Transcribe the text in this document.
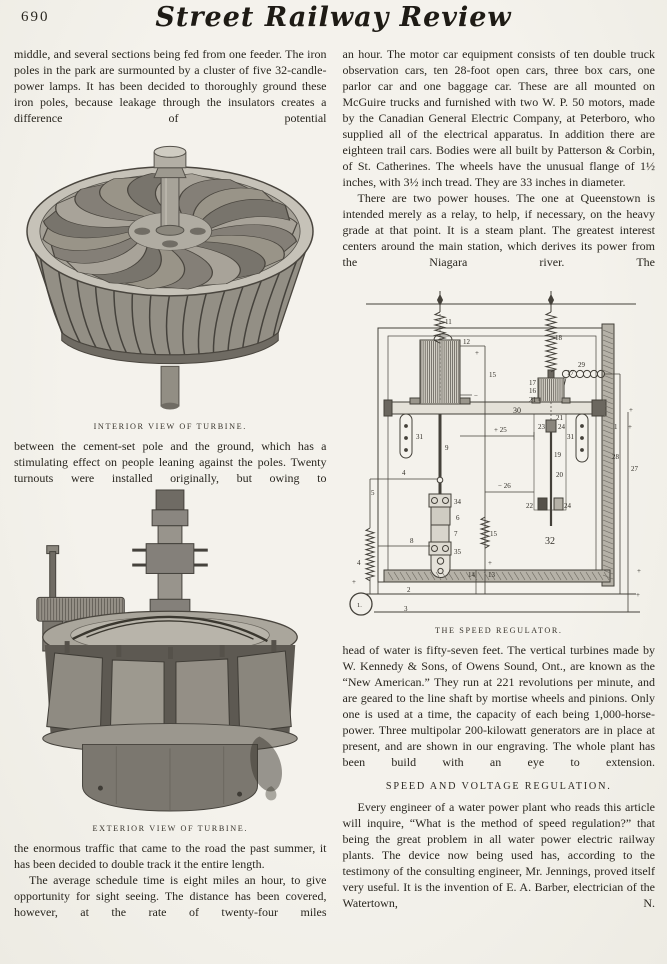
690	Street Railway Review

middle, and several sections being fed from one feeder. The iron poles in the park are surmounted by a cluster of five 32-candle-power lamps. It has been decided to thoroughly ground these iron poles, because leakage through the insulators creates a difference of potential

INTERIOR VIEW OF TURBINE.

between the cement-set pole and the ground, which has a stimulating effect on people leaning against the poles. Twenty turnouts were installed originally, but owing to

EXTERIOR VIEW OF TURBINE.

the enormous traffic that came to the road the past summer, it has been decided to double track it the entire length.

The average schedule time is eight miles an hour, to give opportunity for sight seeing. The distance has been covered, however, at the rate of twenty-four miles

an hour. The motor car equipment consists of ten double truck observation cars, ten 28-foot open cars, three box cars, one parlor car and one baggage car. These are all mounted on McGuire trucks and furnished with two W. P. 50 motors, made by the Canadian General Electric Company, at Peterboro, who supplied all of the electrical apparatus. In addition there are eighteen trail cars. Bodies were all built by Patterson & Corbin, of St. Catherines. The wheels have the unusual flange of 1½ inches, with 3½ inch tread. They are 33 inches in diameter.

There are two power houses. The one at Queenstown is intended merely as a relay, to help, if necessary, on the heavy grade at that point. It is a steam plant. The greatest interest centers around the main station, which derives its power from the Niagara river. The

11
12	18
29
17
17
16
21
15
+
−
30
31	31
9
21
23 24
19
20
22	24
+ 25
− 26
28
27
1 +
32
15
14 13
4
5
8
4
34
6
7
35
1.
2
3
+
+
+
+
+
THE SPEED REGULATOR.

head of water is fifty-seven feet. The vertical turbines made by W. Kennedy & Sons, of Owens Sound, Ont., are known as the “New American.” They run at 221 revolutions per minute, and are geared to the line shaft by mortise wheels and pinions. Only one is used at a time, the capacity of each being 1,000-horse-power. Three multipolar 200-kilowatt generators are in place at present, and are shown in our engraving. The whole plant has been build with an eye to extension.

SPEED AND VOLTAGE REGULATION.

Every engineer of a water power plant who reads this article will inquire, “What is the method of speed regulation?” that being the great problem in all water power electric railway plants. The device now being used has, according to the testimony of the consulting engineer, Mr. Jennings, proved itself very useful. It is the invention of E. A. Barber, electrician of the Watertown, N.
